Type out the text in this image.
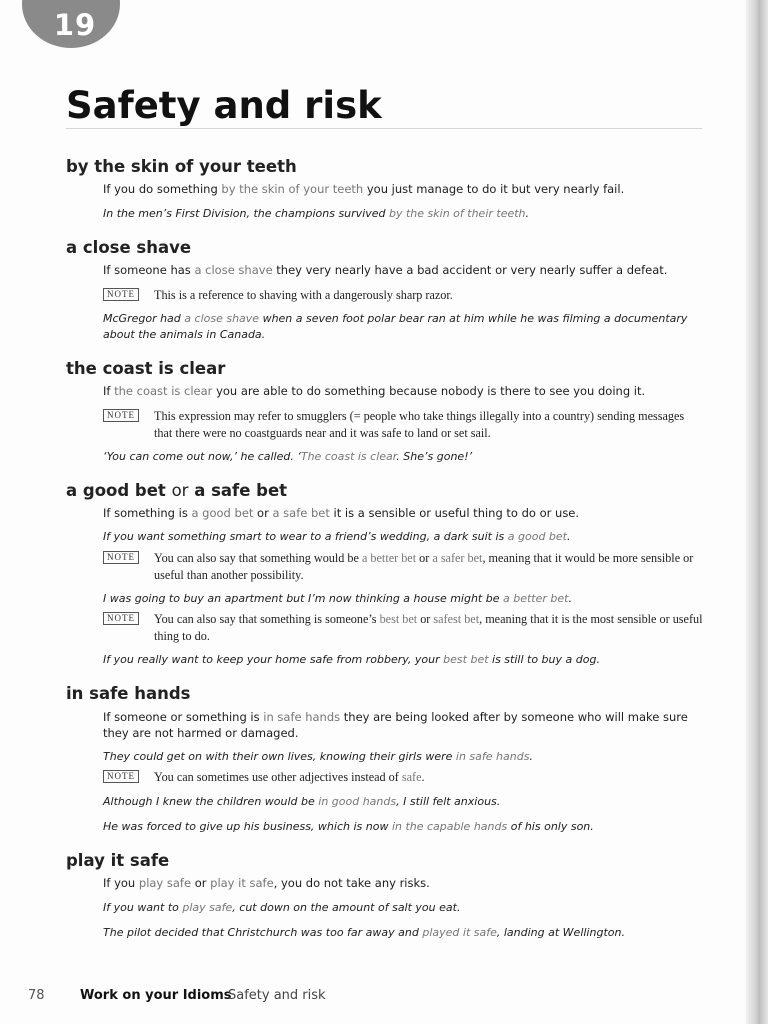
19
Safety and risk
by the skin of your teeth

If you do something by the skin of your teeth you just manage to do it but very nearly fail.

In the men’s First Division, the champions survived by the skin of their teeth.

a close shave

If someone has a close shave they very nearly have a bad accident or very nearly suffer a defeat.

NOTE	This is a reference to shaving with a dangerously sharp razor.

McGregor had a close shave when a seven foot polar bear ran at him while he was filming a documentary about the animals in Canada.

the coast is clear

If the coast is clear you are able to do something because nobody is there to see you doing it.

NOTE	This expression may refer to smugglers (= people who take things illegally into a country) sending messages that there were no coastguards near and it was safe to land or set sail.

‘You can come out now,’ he called. ‘The coast is clear. She’s gone!’

a good bet or a safe bet

If something is a good bet or a safe bet it is a sensible or useful thing to do or use.

If you want something smart to wear to a friend’s wedding, a dark suit is a good bet.

NOTE	You can also say that something would be a better bet or a safer bet, meaning that it would be more sensible or useful than another possibility.

I was going to buy an apartment but I’m now thinking a house might be a better bet.

NOTE	You can also say that something is someone’s best bet or safest bet, meaning that it is the most sensible or useful thing to do.

If you really want to keep your home safe from robbery, your best bet is still to buy a dog.

in safe hands

If someone or something is in safe hands they are being looked after by someone who will make sure they are not harmed or damaged.

They could get on with their own lives, knowing their girls were in safe hands.

NOTE	You can sometimes use other adjectives instead of safe.

Although I knew the children would be in good hands, I still felt anxious.

He was forced to give up his business, which is now in the capable hands of his only son.

play it safe

If you play safe or play it safe, you do not take any risks.

If you want to play safe, cut down on the amount of salt you eat.

The pilot decided that Christchurch was too far away and played it safe, landing at Wellington.

78	Work on your Idioms
Safety and risk
